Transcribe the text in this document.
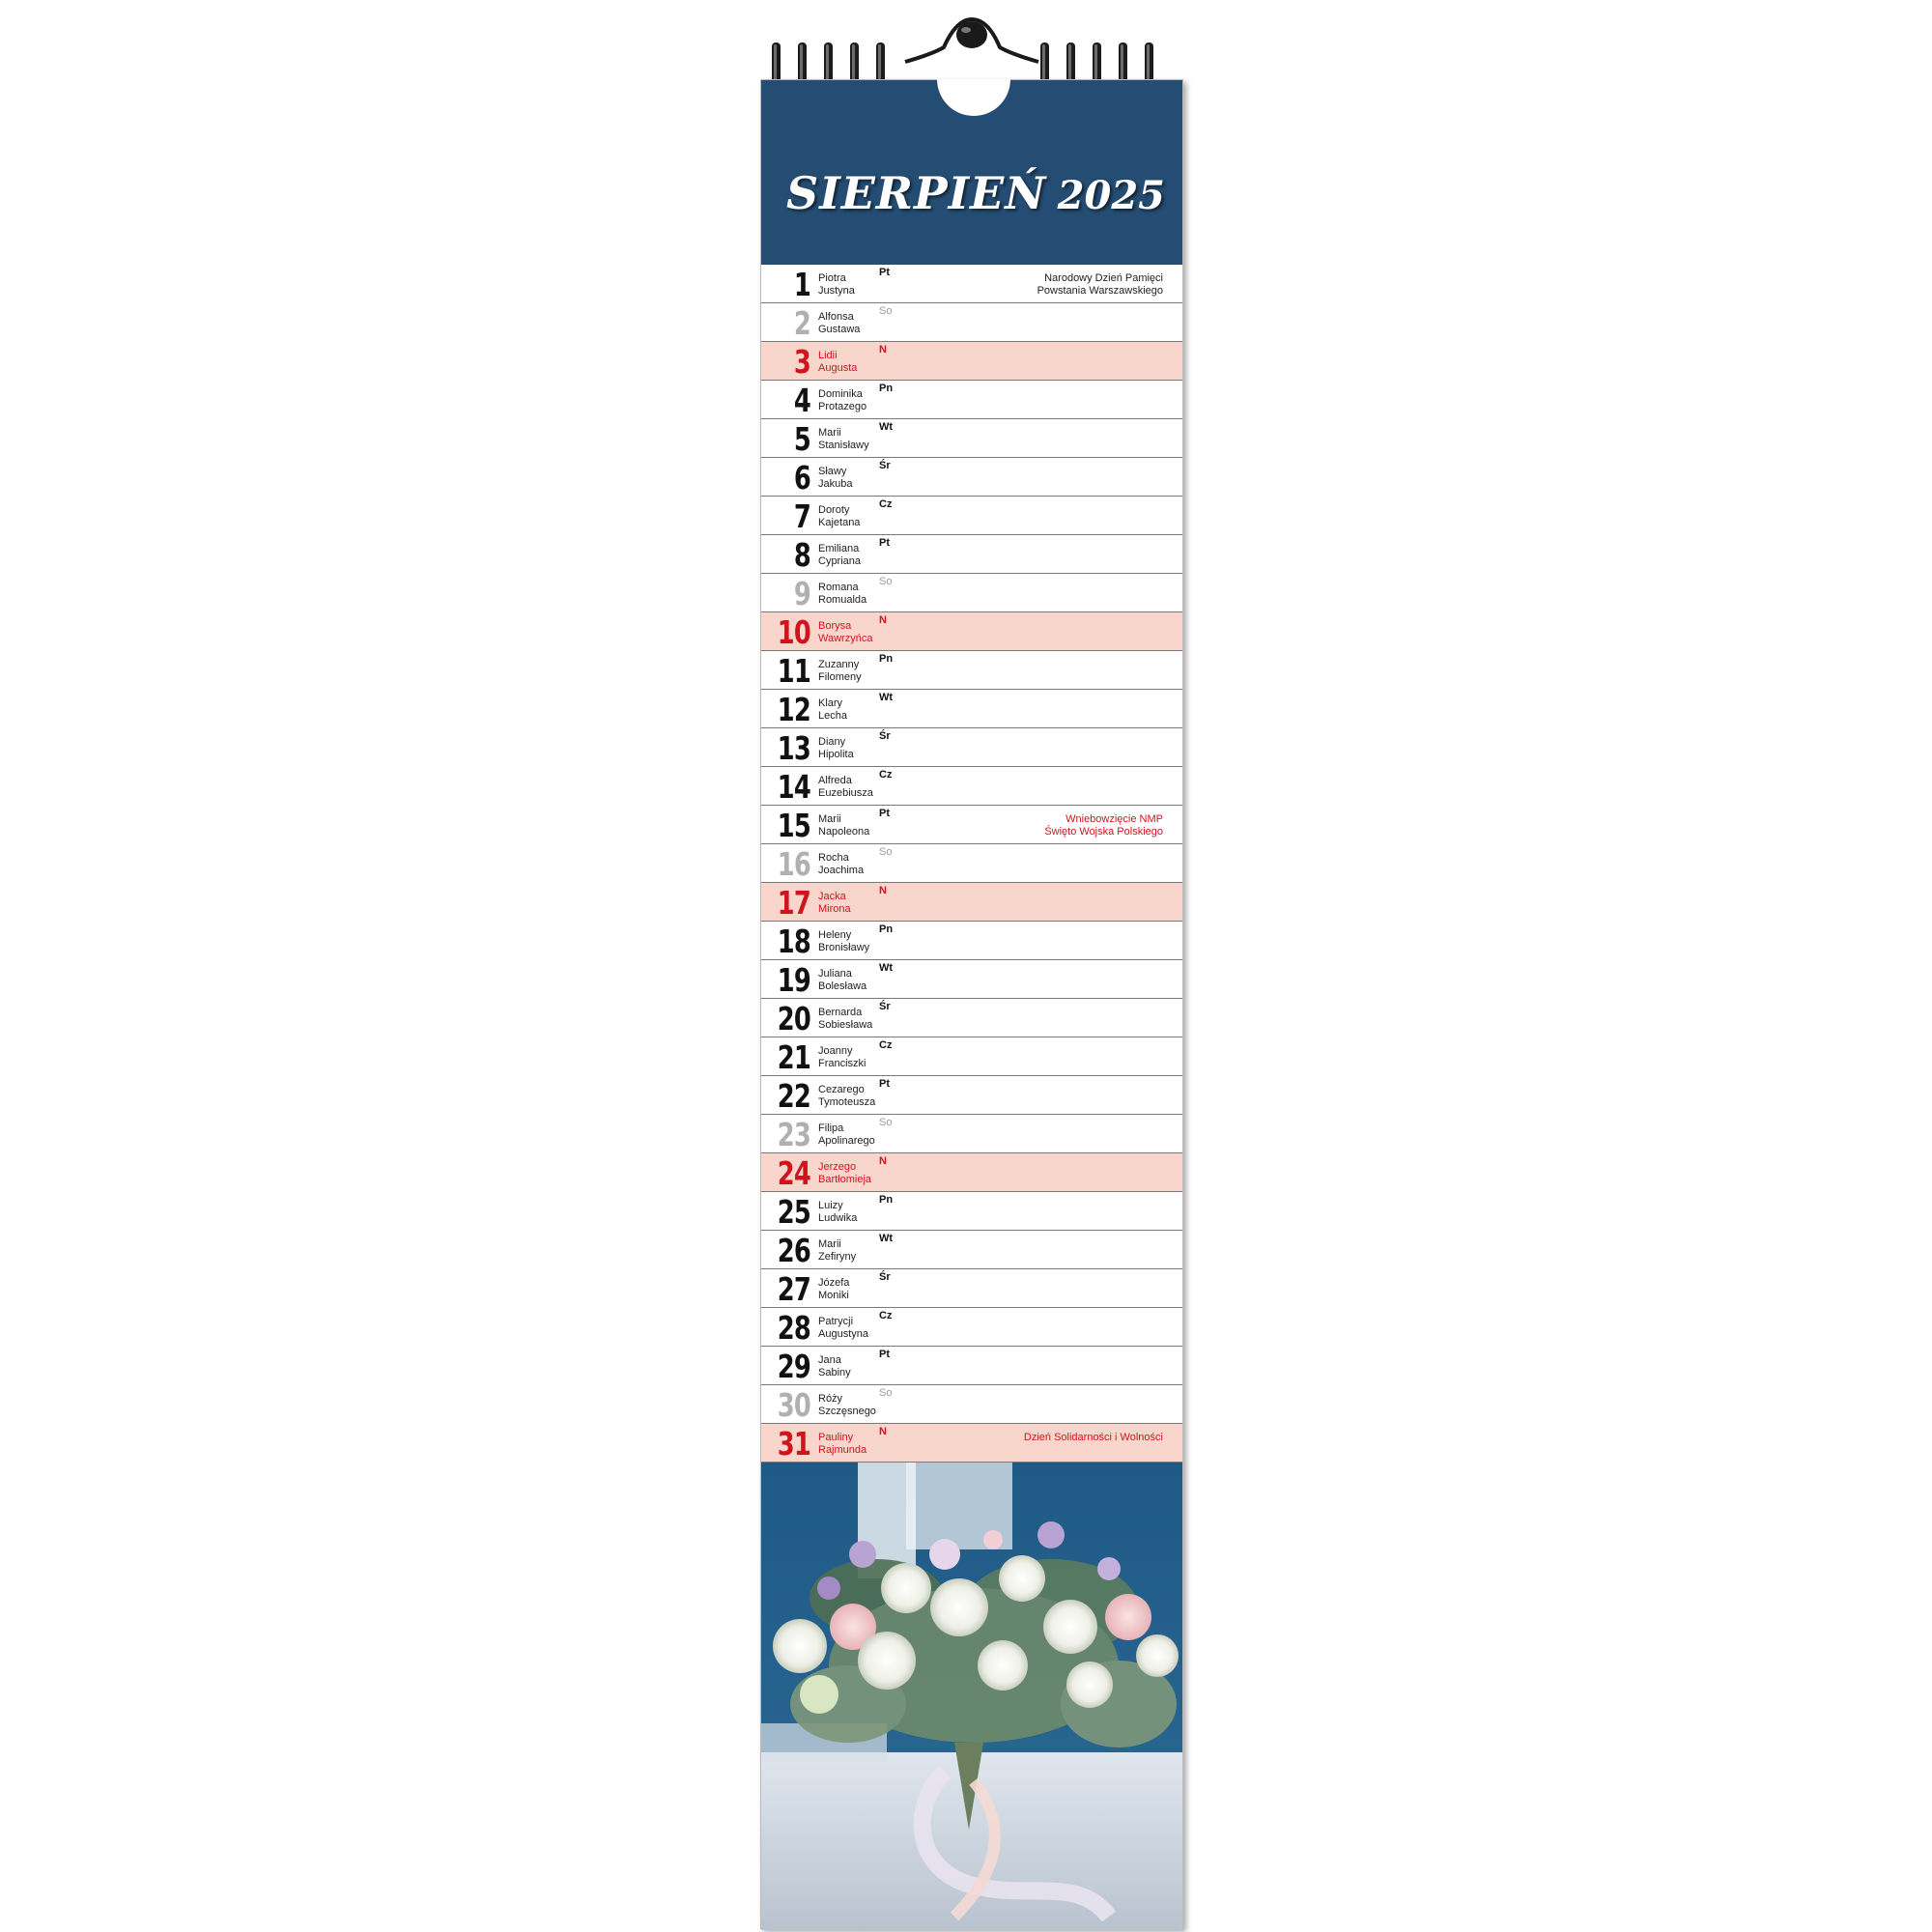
SIERPIEŃ 2025
1 Piotra
Justyna
Pt	Narodowy Dzień Pamięci
Powstania Warszawskiego
2 Alfonsa
Gustawa
So
3 Lidii
Augusta
N
4 Dominika
Protazego
Pn
5 Marii
Stanisławy
Wt
6 Sławy
Jakuba
Śr
7 Doroty
Kajetana
Cz
8 Emiliana
Cypriana
Pt
9 Romana
Romualda
So
10 Borysa
Wawrzyńca
N
11 Zuzanny
Filomeny
Pn
12 Klary
Lecha
Wt
13 Diany
Hipolita
Śr
14 Alfreda
Euzebiusza
Cz
15 Marii
Napoleona
Pt	Wniebowzięcie NMP
Święto Wojska Polskiego
16 Rocha
Joachima
So
17 Jacka
Mirona
N
18 Heleny
Bronisławy
Pn
19 Juliana
Bolesława
Wt
20 Bernarda
Sobiesława
Śr
21 Joanny
Franciszki
Cz
22 Cezarego
Tymoteusza
Pt
23 Filipa
Apolinarego
So
24 Jerzego
Bartłomieja
N
25 Luizy
Ludwika
Pn
26 Marii
Zefiryny
Wt
27 Józefa
Moniki
Śr
28 Patrycji
Augustyna
Cz
29 Jana
Sabiny
Pt
30 Róży
Szczęsnego
So
31 Pauliny
Rajmunda
N	Dzień Solidarności i Wolności
